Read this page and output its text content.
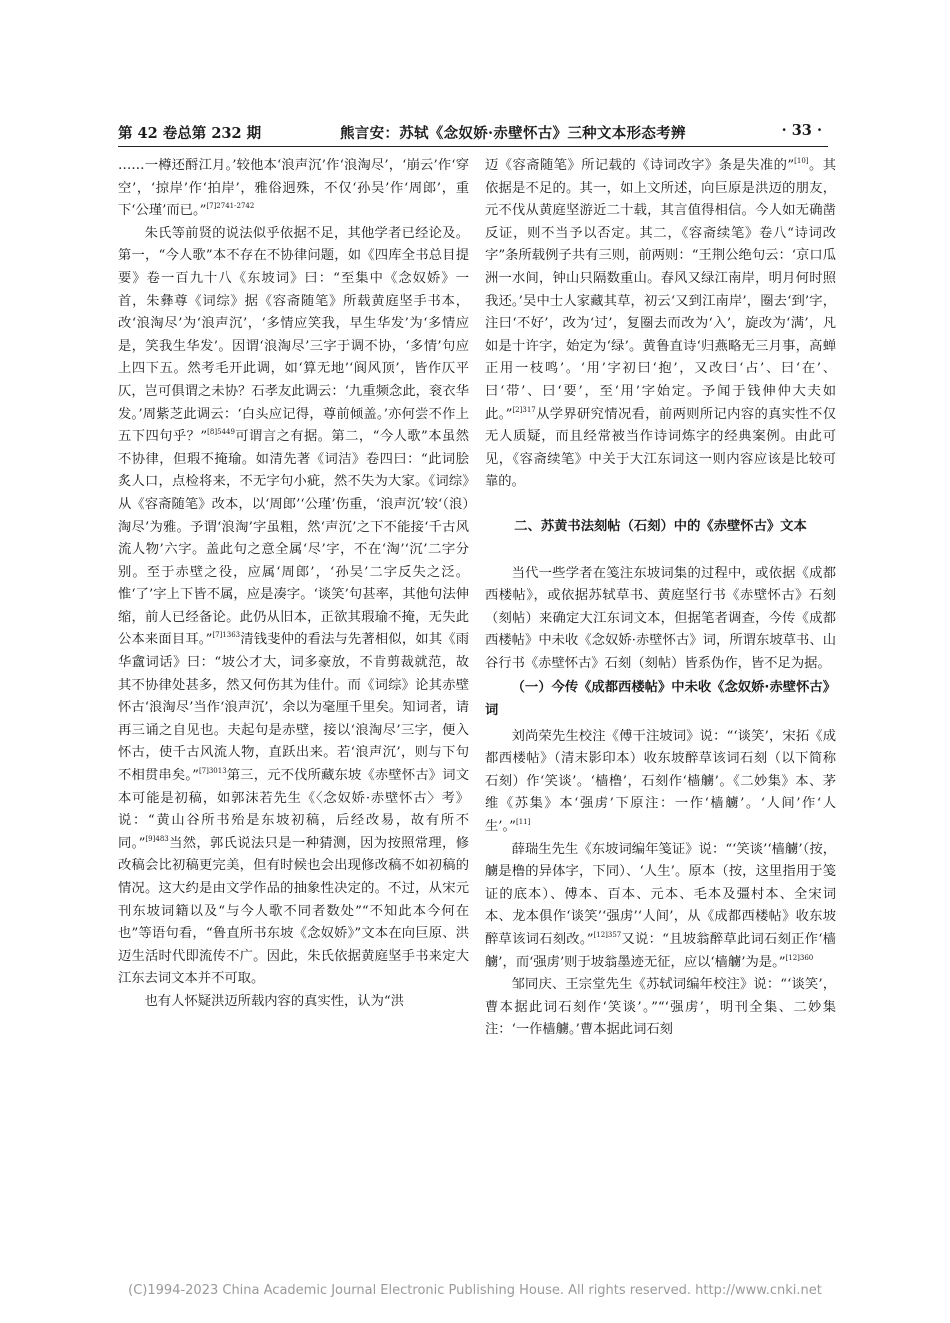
第 42 卷总第 232 期	熊言安：苏轼《念奴娇·赤壁怀古》三种文本形态考辨	· 33 ·

……一樽还酹江月。’较他本‘浪声沉’作‘浪淘尽’，‘崩云’作‘穿空’，‘掠岸’作‘拍岸’，雅俗迥殊，不仅‘孙吴’作‘周郎’，重下‘公瑾’而已。”$^{[7]2741-2742}$

朱氏等前贤的说法似乎依据不足，其他学者已经论及。第一，“今人歌”本不存在不协律问题，如《四库全书总目提要》卷一百九十八《东坡词》曰：“至集中《念奴娇》一首，朱彝尊《词综》据《容斋随笔》所载黄庭坚手书本，改‘浪淘尽’为‘浪声沉’，‘多情应笑我，早生华发’为‘多情应是，笑我生华发’。因谓‘浪淘尽’三字于调不协，‘多情’句应上四下五。然考毛开此调，如‘算无地’‘阆风顶’，皆作仄平仄，岂可俱谓之未协？石孝友此调云：‘九重频念此，衮衣华发。’周紫芝此调云：‘白头应记得，尊前倾盖。’亦何尝不作上五下四句乎？”$^{[8]5449}$可谓言之有据。第二，“今人歌”本虽然不协律，但瑕不掩瑜。如清先著《词洁》卷四曰：“此词脍炙人口，点检将来，不无字句小疵，然不失为大家。《词综》从《容斋随笔》改本，以‘周郎’‘公瑾’伤重，‘浪声沉’较‘（浪）淘尽’为雅。予谓‘浪淘’字虽粗，然‘声沉’之下不能接‘千古风流人物’六字。盖此句之意全属‘尽’字，不在‘淘’‘沉’二字分别。至于赤壁之役，应属‘周郎’，‘孙吴’二字反失之泛。惟‘了’字上下皆不属，应是凑字。‘谈笑’句甚率，其他句法伸缩，前人已经备论。此仍从旧本，正欲其瑕瑜不掩，无失此公本来面目耳。”$^{[7]1363}$清钱斐仲的看法与先著相似，如其《雨华盦词话》曰：“坡公才大，词多豪放，不肯剪裁就范，故其不协律处甚多，然又何伤其为佳什。而《词综》论其赤壁怀古‘浪淘尽’当作‘浪声沉’，余以为毫厘千里矣。知词者，请再三诵之自见也。夫起句是赤壁，接以‘浪淘尽’三字，便入怀古，使千古风流人物，直跃出来。若‘浪声沉’，则与下句不相贯串矣。”$^{[7]3013}$第三，元不伐所藏东坡《赤壁怀古》词文本可能是初稿，如郭沫若先生《〈念奴娇·赤壁怀古〉考》说：“黄山谷所书殆是东坡初稿，后经改易，故有所不同。”$^{[9]483}$当然，郭氏说法只是一种猜测，因为按照常理，修改稿会比初稿更完美，但有时候也会出现修改稿不如初稿的情况。这大约是由文学作品的抽象性决定的。不过，从宋元刊东坡词籍以及“与今人歌不同者数处”“不知此本今何在也”等语句看，“鲁直所书东坡《念奴娇》”文本在向巨原、洪迈生活时代即流传不广。因此，朱氏依据黄庭坚手书来定大江东去词文本并不可取。

也有人怀疑洪迈所载内容的真实性，认为“洪

迈《容斋随笔》所记载的《诗词改字》条是失准的”[10]。其依据是不足的。其一，如上文所述，向巨原是洪迈的朋友，元不伐从黄庭坚游近二十载，其言值得相信。今人如无确凿反证，则不当予以否定。其二，《容斋续笔》卷八“诗词改字”条所载例子共有三则，前两则：“王荆公绝句云：‘京口瓜洲一水间，钟山只隔数重山。春风又绿江南岸，明月何时照我还。’吴中士人家藏其草，初云‘又到江南岸’，圈去‘到’字，注曰‘不好’，改为‘过’，复圈去而改为‘入’，旋改为‘满’，凡如是十许字，始定为‘绿’。黄鲁直诗‘归燕略无三月事，高蝉正用一枝鸣’。‘用’字初曰‘抱’，又改曰‘占’、曰‘在’、曰‘带’、曰‘要’，至‘用’字始定。予闻于钱伸仲大夫如此。”$^{[2]317}$从学界研究情况看，前两则所记内容的真实性不仅无人质疑，而且经常被当作诗词炼字的经典案例。由此可见，《容斋续笔》中关于大江东词这一则内容应该是比较可靠的。

二、苏黄书法刻帖（石刻）中的《赤壁怀古》文本

当代一些学者在笺注东坡词集的过程中，或依据《成都西楼帖》，或依据苏轼草书、黄庭坚行书《赤壁怀古》石刻（刻帖）来确定大江东词文本，但据笔者调查，今传《成都西楼帖》中未收《念奴娇·赤壁怀古》词，所谓东坡草书、山谷行书《赤壁怀古》石刻（刻帖）皆系伪作，皆不足为据。

（一）今传《成都西楼帖》中未收《念奴娇·赤壁怀古》词

刘尚荣先生校注《傅干注坡词》说：“‘谈笑’，宋拓《成都西楼帖》（清末影印本）收东坡醉草该词石刻（以下简称石刻）作‘笑谈’。‘樯橹’，石刻作‘樯艣’。《二妙集》本、茅维《苏集》本‘强虏’下原注：一作‘樯艣’。‘人间’作‘人生’。”[11]

薛瑞生先生《东坡词编年笺证》说：“‘笑谈’‘樯艣’（按，艣是橹的异体字，下同）、‘人生’。原本（按，这里指用于笺证的底本）、傅本、百本、元本、毛本及彊村本、全宋词本、龙本俱作‘谈笑’‘强虏’‘人间’，从《成都西楼帖》收东坡醉草该词石刻改。”$^{[12]357}$又说：“且坡翁醉草此词石刻正作‘樯艣’，而‘强虏’则于坡翁墨迹无征，应以‘樯艣’为是。”$^{[12]360}$

邹同庆、王宗堂先生《苏轼词编年校注》说：“‘谈笑’，曹本据此词石刻作‘笑谈’。”“‘强虏’，明刊全集、二妙集注：‘一作樯艣。’曹本据此词石刻

(C)1994-2023 China Academic Journal Electronic Publishing House. All rights reserved. http://www.cnki.net
